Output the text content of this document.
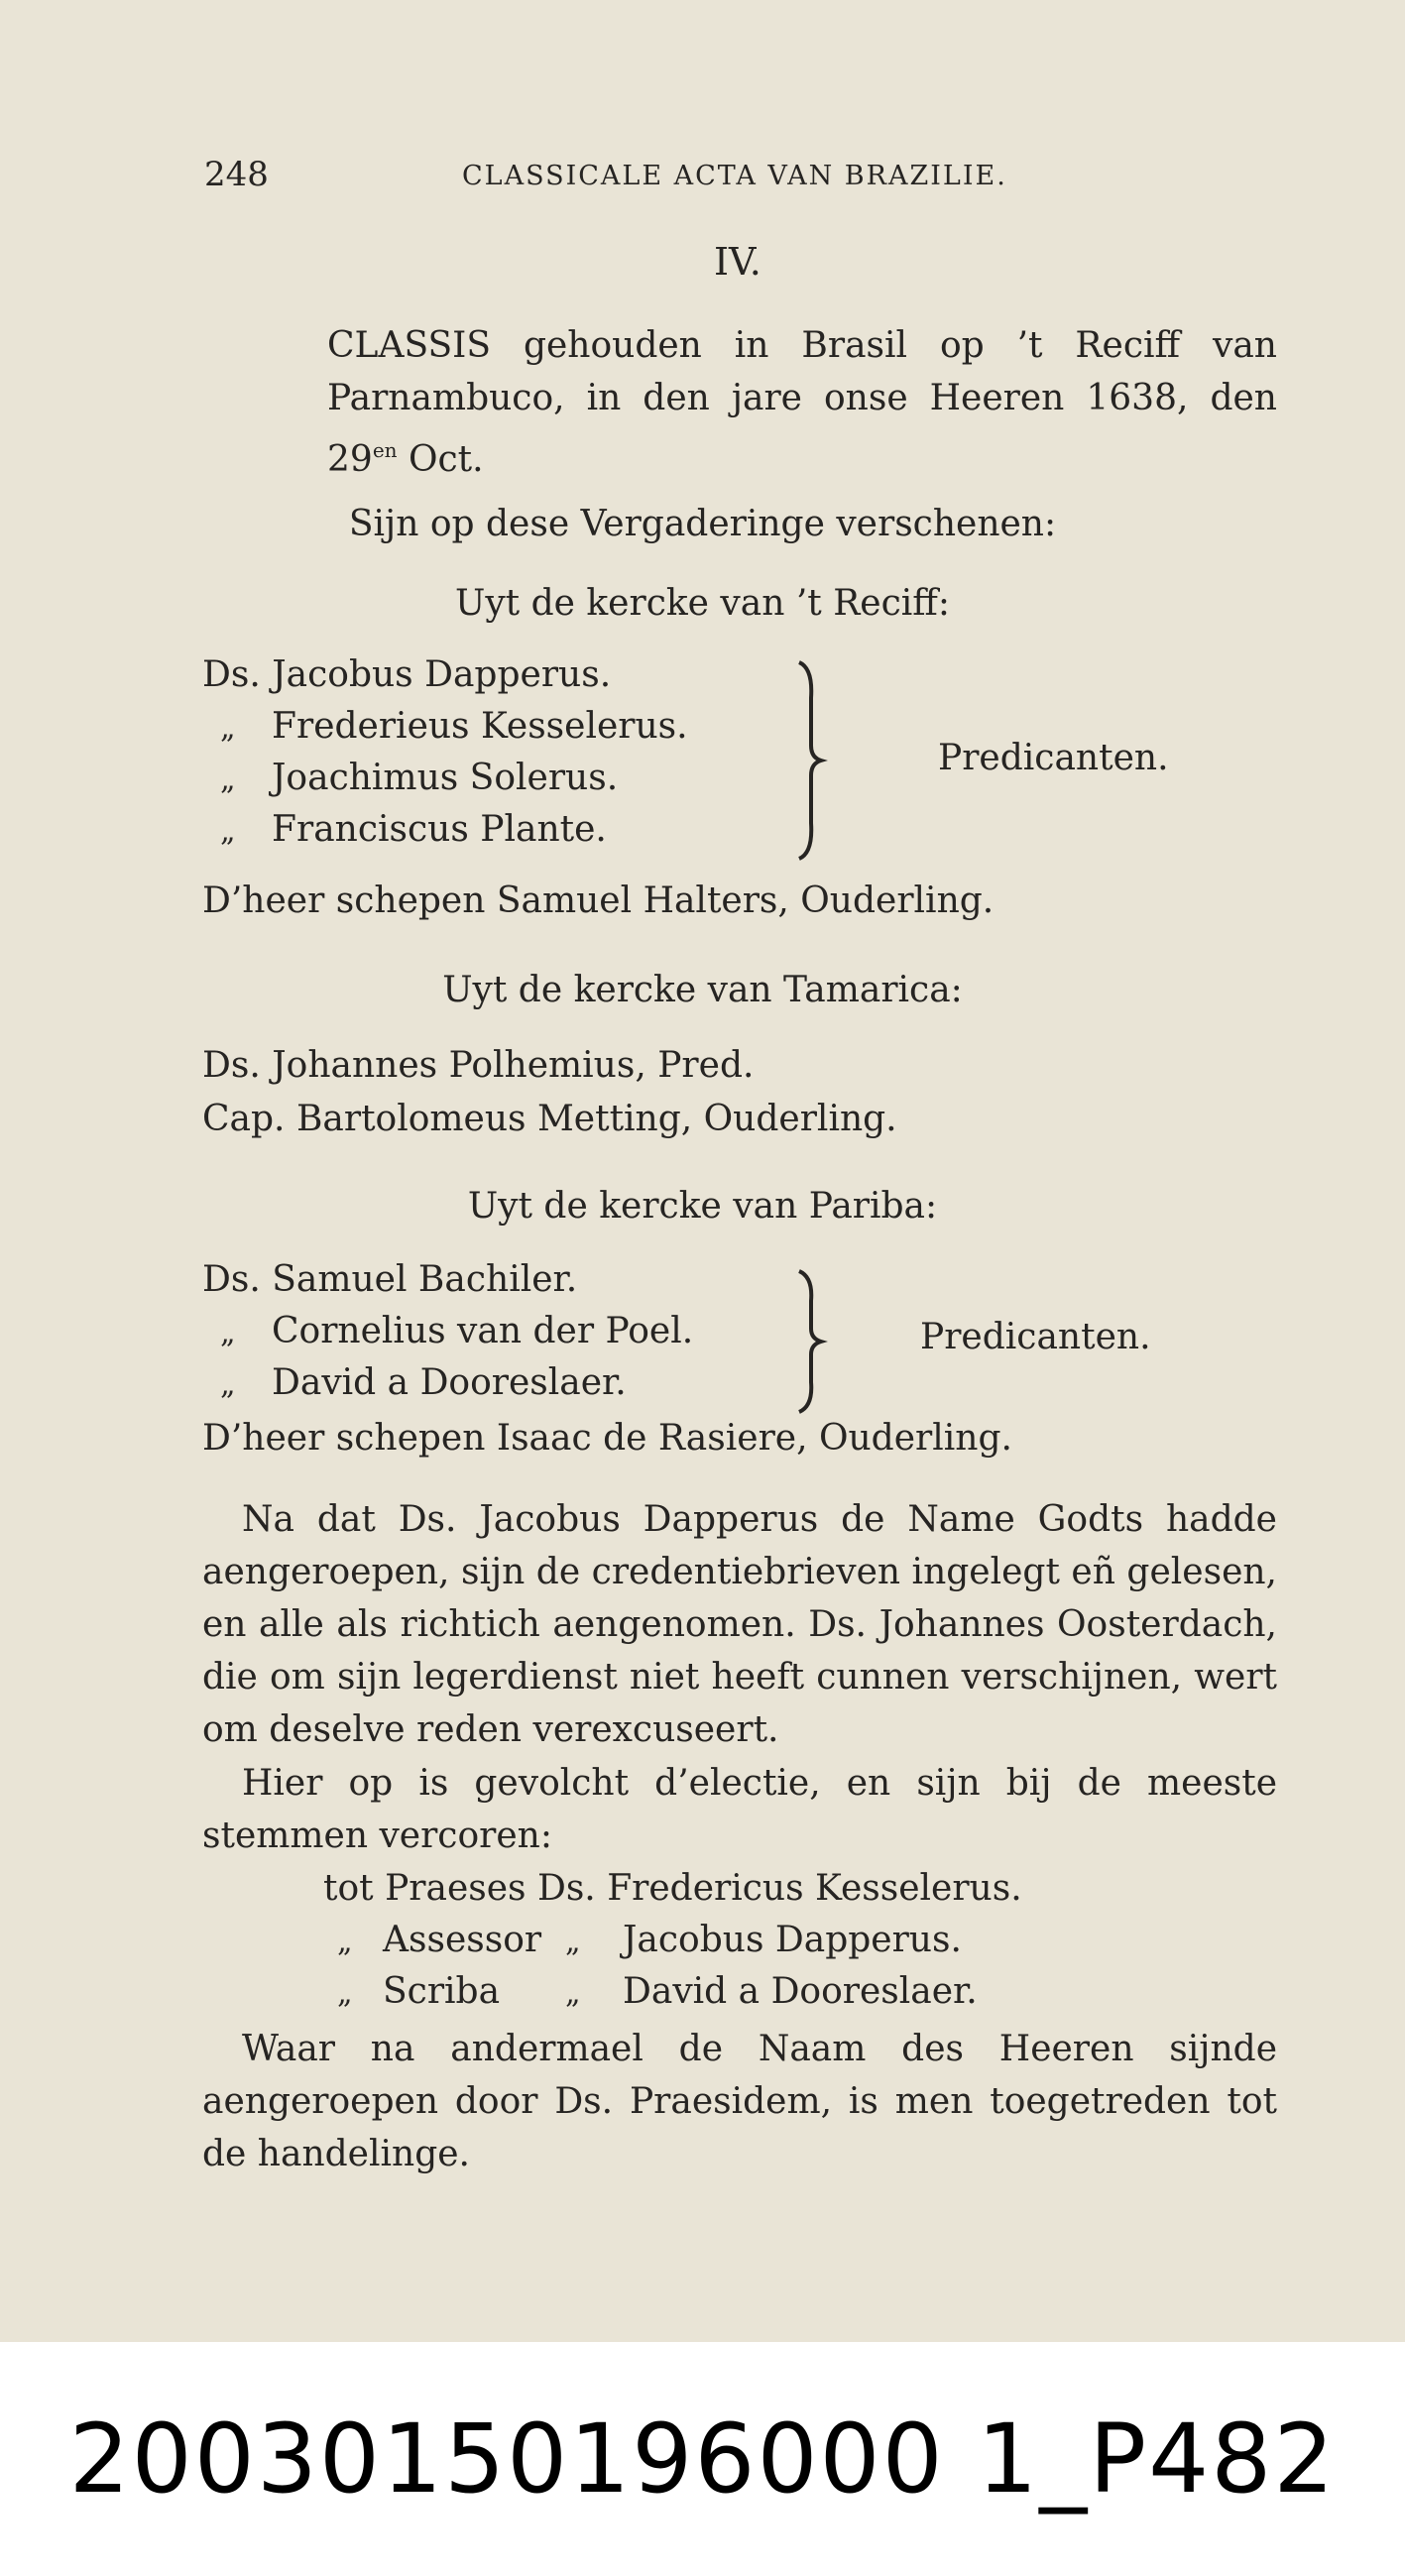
248	CLASSICALE ACTA VAN BRAZILIE.
IV.
CLASSIS gehouden in Brasil op ’t Reciff van Parnambuco, in den jare onse Heeren 1638, den $29^{en}$ Oct.
Sijn op dese Vergaderinge verschenen:
Uyt de kercke van ’t Reciff:
Ds. Jacobus Dapperus.
„ Frederieus Kesselerus.
„ Joachimus Solerus.
„ Franciscus Plante.
Predicanten.
D’heer schepen Samuel Halters, Ouderling.
Uyt de kercke van Tamarica:
Ds. Johannes Polhemius, Pred.
Cap. Bartolomeus Metting, Ouderling.
Uyt de kercke van Pariba:
Ds. Samuel Bachiler.
„ Cornelius van der Poel.
„ David a Dooreslaer.
Predicanten.
D’heer schepen Isaac de Rasiere, Ouderling.
Na dat Ds. Jacobus Dapperus de Name Godts hadde aengeroepen, sijn de credentiebrieven ingelegt eñ gelesen, en alle als richtich aengenomen. Ds. Johannes Oosterdach, die om sijn legerdienst niet heeft cunnen verschijnen, wert om deselve reden verexcuseert.
Hier op is gevolcht d’electie, en sijn bij de meeste stemmen vercoren:
tot Praeses Ds. Fredericus Kesselerus.
„ Assessor „ Jacobus Dapperus.
„ Scriba „ David a Dooreslaer.
Waar na andermael de Naam des Heeren sijnde aengeroepen door Ds. Praesidem, is men toegetreden tot de handelinge.
20030150196000 1_P482
